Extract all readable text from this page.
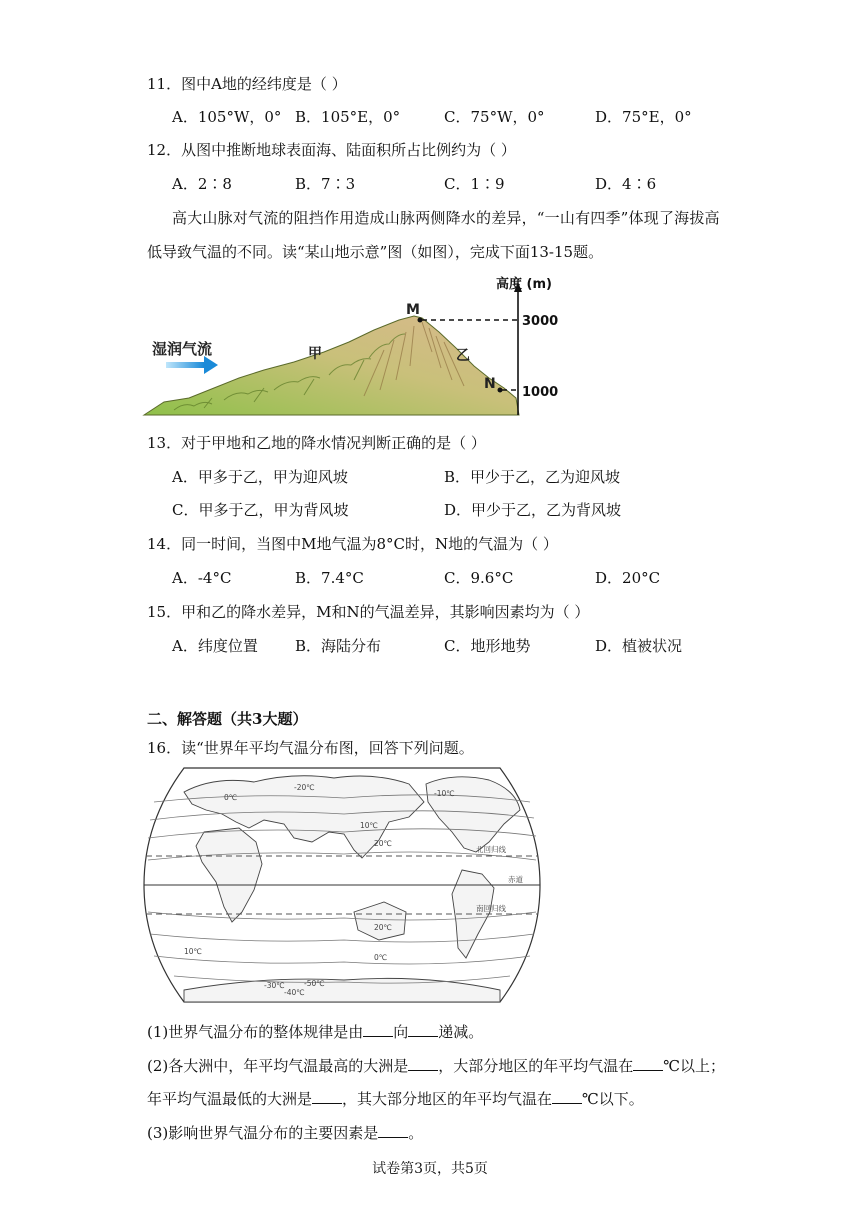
11．图中A地的经纬度是（ ）
A．105°W，0° B．105°E，0°	C．75°W，0°	D．75°E，0°
12．从图中推断地球表面海、陆面积所占比例约为（ ）
A．2∶8	B．7∶3	C．1∶9	D．4∶6
高大山脉对气流的阻挡作用造成山脉两侧降水的差异，“一山有四季”体现了海拔高
低导致气温的不同。读“某山地示意”图（如图），完成下面13-15题。
湿润气流	甲	乙
M
N
高度 (m)
3000
1000
13．对于甲地和乙地的降水情况判断正确的是（ ）
A．甲多于乙，甲为迎风坡	B．甲少于乙，乙为迎风坡
C．甲多于乙，甲为背风坡	D．甲少于乙，乙为背风坡
14．同一时间，当图中M地气温为8°C时，N地的气温为（ ）
A．-4°C	B．7.4°C	C．9.6°C	D．20°C
15．甲和乙的降水差异，M和N的气温差异，其影响因素均为（ ）
A．纬度位置 B．海陆分布	C．地形地势	D．植被状况
二、解答题（共3大题）
16．读“世界年平均气温分布图，回答下列问题。
北回归线
赤道
南回归线
0℃
10℃
20℃
-10℃
-20℃
20℃
10℃
0℃
-30℃
-40℃
-50℃
(1)世界气温分布的整体规律是由 向 递减。
(2)各大洲中，年平均气温最高的大洲是 ，大部分地区的年平均气温在 ℃以上；
年平均气温最低的大洲是 ，其大部分地区的年平均气温在 ℃以下。
(3)影响世界气温分布的主要因素是 。
试卷第3页，共5页
